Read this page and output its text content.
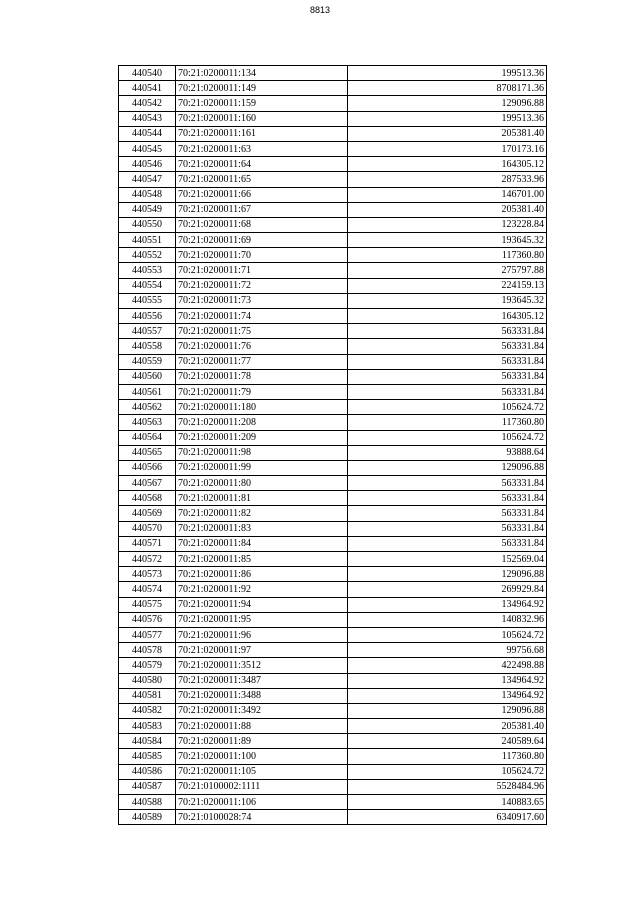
8813
440540	70:21:0200011:134	199513.36
440541	70:21:0200011:149	8708171.36
440542	70:21:0200011:159	129096.88
440543	70:21:0200011:160	199513.36
440544	70:21:0200011:161	205381.40
440545	70:21:0200011:63	170173.16
440546	70:21:0200011:64	164305.12
440547	70:21:0200011:65	287533.96
440548	70:21:0200011:66	146701.00
440549	70:21:0200011:67	205381.40
440550	70:21:0200011:68	123228.84
440551	70:21:0200011:69	193645.32
440552	70:21:0200011:70	117360.80
440553	70:21:0200011:71	275797.88
440554	70:21:0200011:72	224159.13
440555	70:21:0200011:73	193645.32
440556	70:21:0200011:74	164305.12
440557	70:21:0200011:75	563331.84
440558	70:21:0200011:76	563331.84
440559	70:21:0200011:77	563331.84
440560	70:21:0200011:78	563331.84
440561	70:21:0200011:79	563331.84
440562	70:21:0200011:180	105624.72
440563	70:21:0200011:208	117360.80
440564	70:21:0200011:209	105624.72
440565	70:21:0200011:98	93888.64
440566	70:21:0200011:99	129096.88
440567	70:21:0200011:80	563331.84
440568	70:21:0200011:81	563331.84
440569	70:21:0200011:82	563331.84
440570	70:21:0200011:83	563331.84
440571	70:21:0200011:84	563331.84
440572	70:21:0200011:85	152569.04
440573	70:21:0200011:86	129096.88
440574	70:21:0200011:92	269929.84
440575	70:21:0200011:94	134964.92
440576	70:21:0200011:95	140832.96
440577	70:21:0200011:96	105624.72
440578	70:21:0200011:97	99756.68
440579	70:21:0200011:3512	422498.88
440580	70:21:0200011:3487	134964.92
440581	70:21:0200011:3488	134964.92
440582	70:21:0200011:3492	129096.88
440583	70:21:0200011:88	205381.40
440584	70:21:0200011:89	240589.64
440585	70:21:0200011:100	117360.80
440586	70:21:0200011:105	105624.72
440587	70:21:0100002:1111	5528484.96
440588	70:21:0200011:106	140883.65
440589	70:21:0100028:74	6340917.60
